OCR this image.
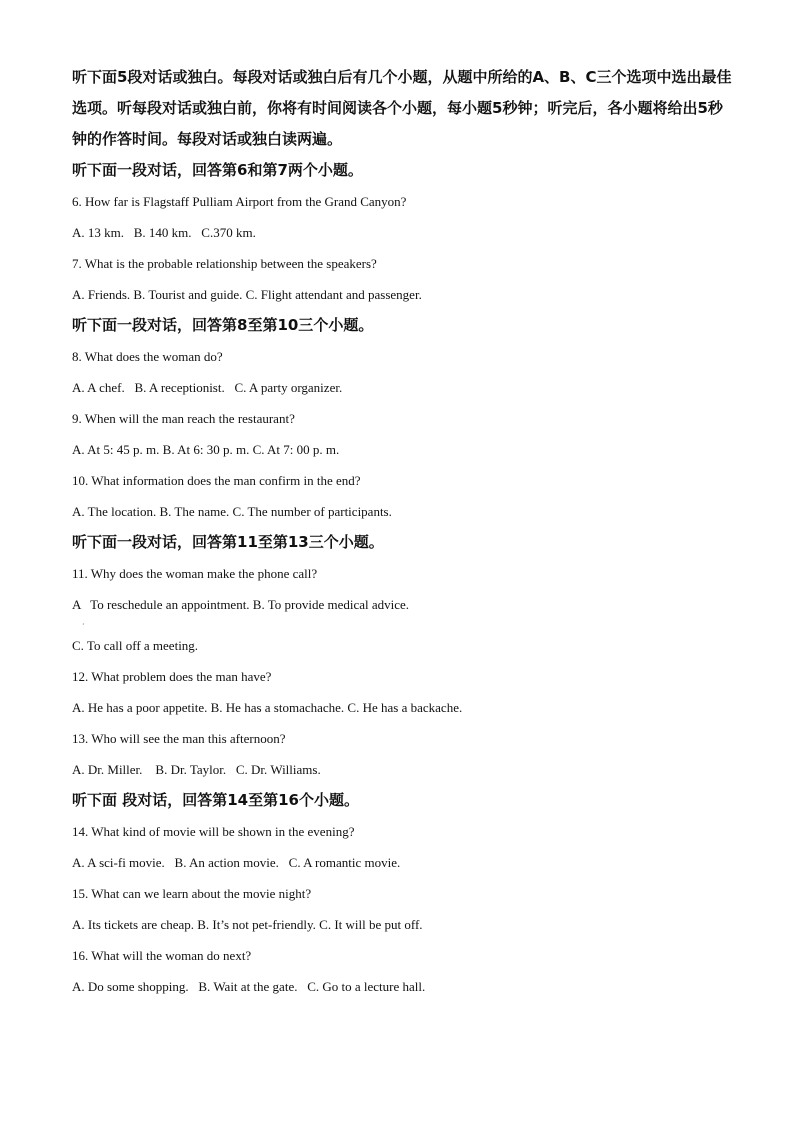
听下面5段对话或独白。每段对话或独白后有几个小题，从题中所给的A、B、C三个选项中选出最佳选项。听每段对话或独白前，你将有时间阅读各个小题，每小题5秒钟；听完后，各小题将给出5秒钟的作答时间。每段对话或独白读两遍。

听下面一段对话，回答第6和第7两个小题。

6. How far is Flagstaff Pulliam Airport from the Grand Canyon?

A. 13 km.   B. 140 km.   C.370 km.

7. What is the probable relationship between the speakers?

A. Friends. B. Tourist and guide. C. Flight attendant and passenger.

听下面一段对话，回答第8至第10三个小题。

8. What does the woman do?

A. A chef.   B. A receptionist.   C. A party organizer.

9. When will the man reach the restaurant?

A. At 5: 45 p. m. B. At 6: 30 p. m. C. At 7: 00 p. m.

10. What information does the man confirm in the end?

A. The location. B. The name. C. The number of participants.

听下面一段对话，回答第11至第13三个小题。

11. Why does the woman make the phone call?

A   To reschedule an appointment. B. To provide medical advice.

·

C. To call off a meeting.

12. What problem does the man have?

A. He has a poor appetite. B. He has a stomachache. C. He has a backache.

13. Who will see the man this afternoon?

A. Dr. Miller.    B. Dr. Taylor.   C. Dr. Williams.

听下面 段对话，回答第14至第16个小题。

14. What kind of movie will be shown in the evening?

A. A sci-fi movie.   B. An action movie.   C. A romantic movie.

15. What can we learn about the movie night?

A. Its tickets are cheap. B. It’s not pet-friendly. C. It will be put off.

16. What will the woman do next?

A. Do some shopping.   B. Wait at the gate.   C. Go to a lecture hall.
